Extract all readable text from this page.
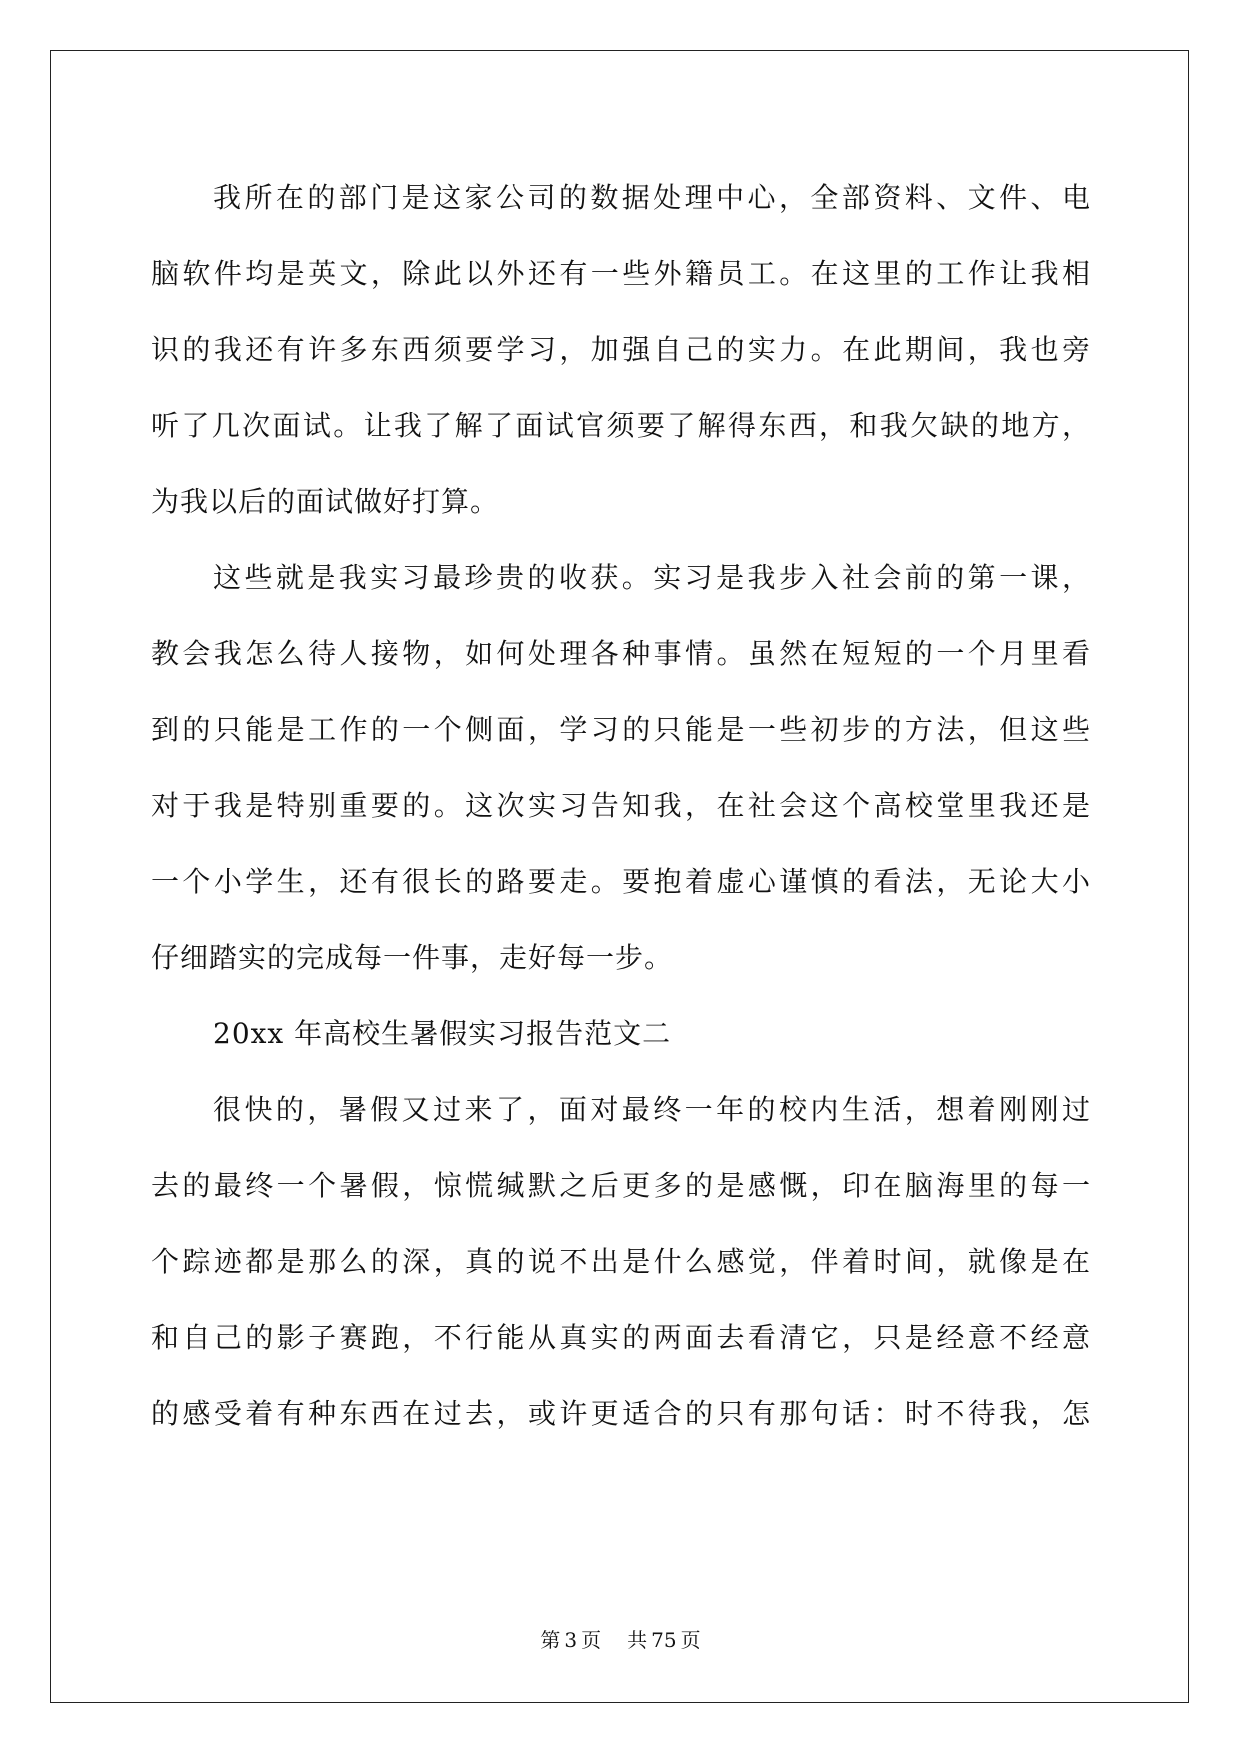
我所在的部门是这家公司的数据处理中心，全部资料、文件、电
脑软件均是英文，除此以外还有一些外籍员工。在这里的工作让我相
识的我还有许多东西须要学习，加强自己的实力。在此期间，我也旁
听了几次面试。让我了解了面试官须要了解得东西，和我欠缺的地方，
为我以后的面试做好打算。
这些就是我实习最珍贵的收获。实习是我步入社会前的第一课，
教会我怎么待人接物，如何处理各种事情。虽然在短短的一个月里看
到的只能是工作的一个侧面，学习的只能是一些初步的方法，但这些
对于我是特别重要的。这次实习告知我，在社会这个高校堂里我还是
一个小学生，还有很长的路要走。要抱着虚心谨慎的看法，无论大小
仔细踏实的完成每一件事，走好每一步。
20xx 年高校生暑假实习报告范文二
很快的，暑假又过来了，面对最终一年的校内生活，想着刚刚过
去的最终一个暑假，惊慌缄默之后更多的是感慨，印在脑海里的每一
个踪迹都是那么的深，真的说不出是什么感觉，伴着时间，就像是在
和自己的影子赛跑，不行能从真实的两面去看清它，只是经意不经意
的感受着有种东西在过去，或许更适合的只有那句话：时不待我，怎
第 3 页 共 75 页
